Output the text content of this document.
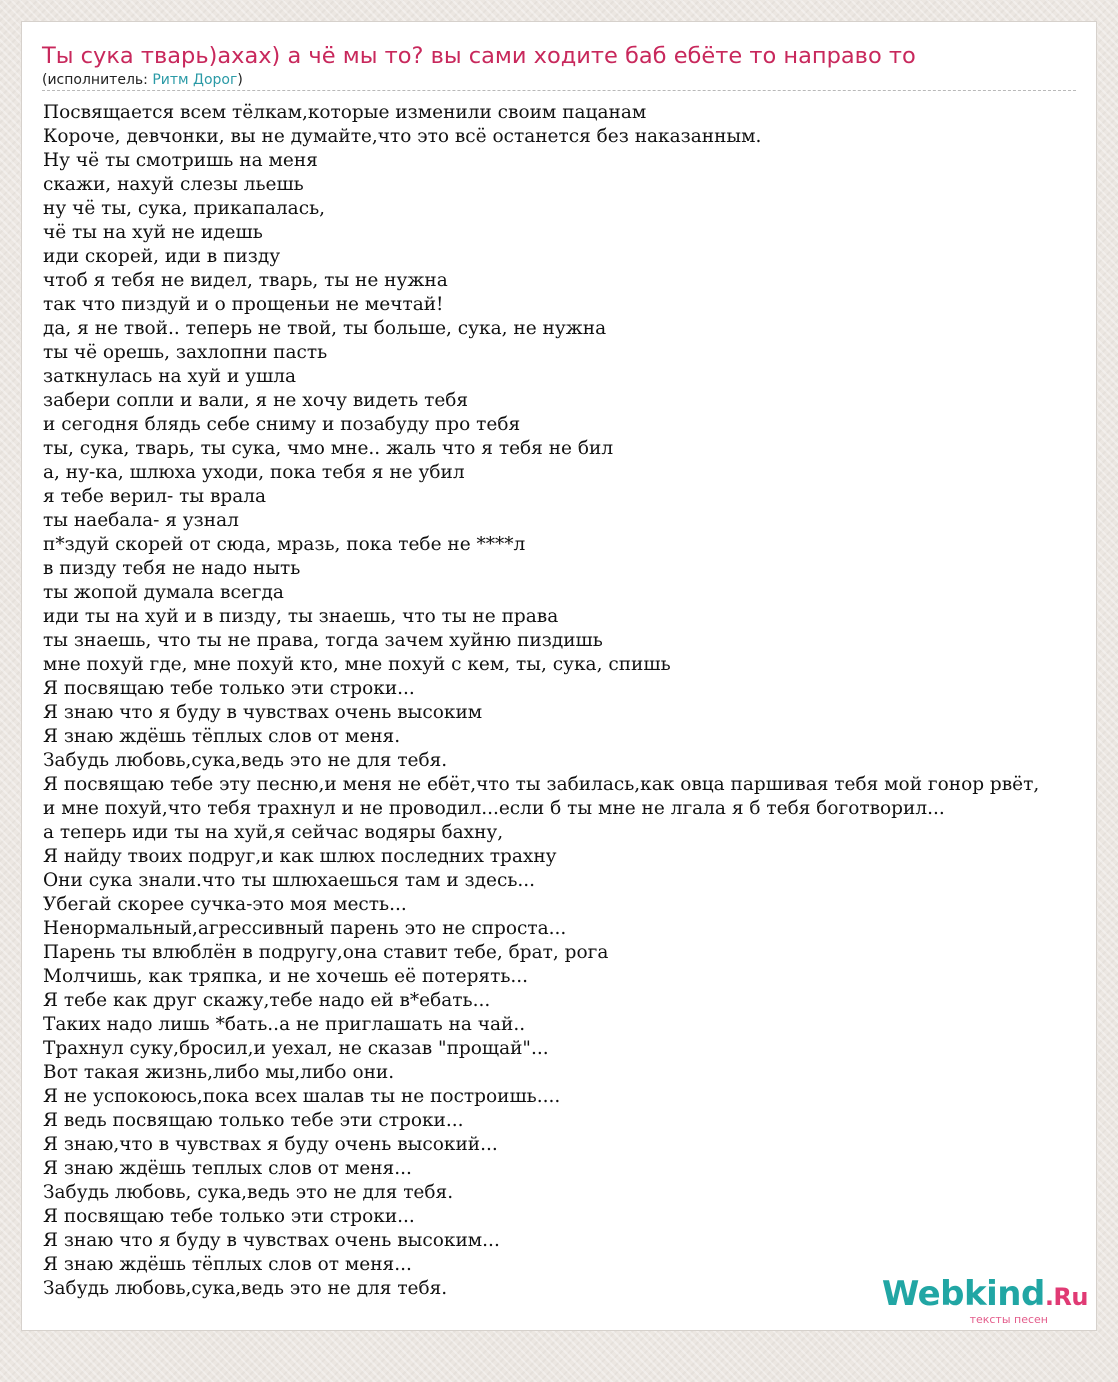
Ты сука тварь)ахах) а чё мы то? вы сами ходите баб ебёте то направо то
(исполнитель: Ритм Дорог)
Посвящается всем тёлкам,которые изменили своим пацанам
Короче, девчонки, вы не думайте,что это всё останется без наказанным.
Ну чё ты смотришь на меня
скажи, нахуй слезы льешь
ну чё ты, сука, прикапалась,
чё ты на хуй не идешь
иди скорей, иди в пизду
чтоб я тебя не видел, тварь, ты не нужна
так что пиздуй и о прощеньи не мечтай!
да, я не твой.. теперь не твой, ты больше, сука, не нужна
ты чё орешь, захлопни пасть
заткнулась на хуй и ушла
забери сопли и вали, я не хочу видеть тебя
и сегодня блядь себе сниму и позабуду про тебя
ты, сука, тварь, ты сука, чмо мне.. жаль что я тебя не бил
а, ну-ка, шлюха уходи, пока тебя я не убил
я тебе верил- ты врала
ты наебала- я узнал
п*здуй скорей от сюда, мразь, пока тебе не ****л
в пизду тебя не надо ныть
ты жопой думала всегда
иди ты на хуй и в пизду, ты знаешь, что ты не права
ты знаешь, что ты не права, тогда зачем хуйню пиздишь
мне похуй где, мне похуй кто, мне похуй с кем, ты, сука, спишь
Я посвящаю тебе только эти строки...
Я знаю что я буду в чувствах очень высоким
Я знаю ждёшь тёплых слов от меня.
Забудь любовь,сука,ведь это не для тебя.
Я посвящаю тебе эту песню,и меня не ебёт,что ты забилась,как овца паршивая тебя мой гонор рвёт,
и мне похуй,что тебя трахнул и не проводил...если б ты мне не лгала я б тебя боготворил...
а теперь иди ты на хуй,я сейчас водяры бахну,
Я найду твоих подруг,и как шлюх последних трахну
Они сука знали.что ты шлюхаешься там и здесь...
Убегай скорее сучка-это моя месть...
Ненормальный,агрессивный парень это не спроста...
Парень ты влюблён в подругу,она ставит тебе, брат, рога
Молчишь, как тряпка, и не хочешь её потерять...
Я тебе как друг скажу,тебе надо ей в*ебать...
Таких надо лишь *бать..а не приглашать на чай..
Трахнул суку,бросил,и уехал, не сказав "прощай"...
Вот такая жизнь,либо мы,либо они.
Я не успокоюсь,пока всех шалав ты не построишь....
Я ведь посвящаю только тебе эти строки...
Я знаю,что в чувствах я буду очень высокий...
Я знаю ждёшь теплых слов от меня...
Забудь любовь, сука,ведь это не для тебя.
Я посвящаю тебе только эти строки...
Я знаю что я буду в чувствах очень высоким...
Я знаю ждёшь тёплых слов от меня...
Забудь любовь,сука,ведь это не для тебя.	Webkind.Ru
тексты песен
